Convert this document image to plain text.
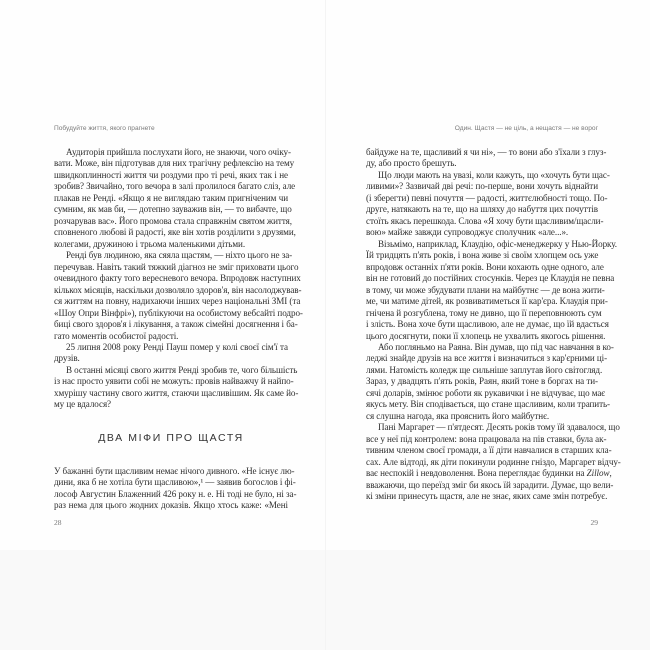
Побудуйте життя, якого прагнете
Аудиторія прийшла послухати його, не знаючи, чого очіку-
вати. Може, він підготував для них трагічну рефлексію на тему
швидкоплинності життя чи роздуми про ті речі, яких так і не
зробив? Звичайно, того вечора в залі пролилося багато сліз, але
плакав не Ренді. «Якщо я не виглядаю таким пригніченим чи
сумним, як мав би, — дотепно зауважив він, — то вибачте, що
розчарував вас». Його промова стала справжнім святом життя,
сповненого любові й радості, яке він хотів розділити з друзями,
колегами, дружиною і трьома маленькими дітьми.
Ренді був людиною, яка сяяла щастям, — ніхто цього не за-
перечував. Навіть такий тяжкий діагноз не зміг приховати цього
очевидного факту того вересневого вечора. Впродовж наступних
кількох місяців, наскільки дозволяло здоров'я, він насолоджував-
ся життям на повну, надихаючи інших через національні ЗМІ (та
«Шоу Опри Вінфрі»), публікуючи на особистому вебсайті подро-
биці свого здоров'я і лікування, а також сімейні досягнення і ба-
гато моментів особистої радості.
25 липня 2008 року Ренді Пауш помер у колі своєї сім'ї та
друзів.
В останні місяці свого життя Ренді зробив те, чого більшість
із нас просто уявити собі не можуть: провів найважчу й найпо-
хмурішу частину свого життя, стаючи щасливішим. Як саме йо-
му це вдалося?
ДВА МІФИ ПРО ЩАСТЯ
У бажанні бути щасливим немає нічого дивного. «Не існує лю-
дини, яка б не хотіла бути щасливою»,¹ — заявив богослов і фі-
лософ Августин Блаженний 426 року н. е. Ні тоді не було, ні за-
раз нема для цього жодних доказів. Якщо хтось каже: «Мені
28
Один. Щастя — не ціль, а нещастя — не ворог
байдуже на те, щасливий я чи ні», — то вони або з'їхали з глуз-
ду, або просто брешуть.
Що люди мають на увазі, коли кажуть, що «хочуть бути щас-
ливими»? Зазвичай дві речі: по-перше, вони хочуть віднайти
(і зберегти) певні почуття — радості, життєлюбності тощо. По-
друге, натякають на те, що на шляху до набуття цих почуттів
стоїть якась перешкода. Слова «Я хочу бути щасливим/щасли-
вою» майже завжди супроводжує сполучник «але...».
Візьмімо, наприклад, Клаудію, офіс-менеджерку у Нью-Йорку.
Їй тридцять п'ять років, і вона живе зі своїм хлопцем ось уже
впродовж останніх п'яти років. Вони кохають одне одного, але
він не готовий до постійних стосунків. Через це Клаудія не певна
в тому, чи може збудувати плани на майбутнє — де вона жити-
ме, чи матиме дітей, як розвиватиметься її кар'єра. Клаудія при-
гнічена й розгублена, тому не дивно, що її переповнюють сум
і злість. Вона хоче бути щасливою, але не думає, що їй вдасться
цього досягнути, поки її хлопець не ухвалить якогось рішення.
Або погляньмо на Раяна. Він думав, що під час навчання в ко-
леджі знайде друзів на все життя і визначиться з кар'єрними ці-
лями. Натомість коледж ще сильніше заплутав його світогляд.
Зараз, у двадцять п'ять років, Раян, який тоне в боргах на ти-
сячі доларів, змінює роботи як рукавички і не відчуває, що має
якусь мету. Він сподівається, що стане щасливим, коли трапить-
ся слушна нагода, яка прояснить його майбутнє.
Пані Маргарет — п'ятдесят. Десять років тому їй здавалося, що
все у неї під контролем: вона працювала на пів ставки, була ак-
тивним членом своєї громади, а її діти навчалися в старших кла-
сах. Але відтоді, як діти покинули родинне гніздо, Маргарет відчу-
ває неспокій і невдоволення. Вона переглядає будинки на Zillow,
вважаючи, що переїзд зміг би якось їй зарадити. Думає, що вели-
кі зміни принесуть щастя, але не знає, яких саме змін потребує.
29
